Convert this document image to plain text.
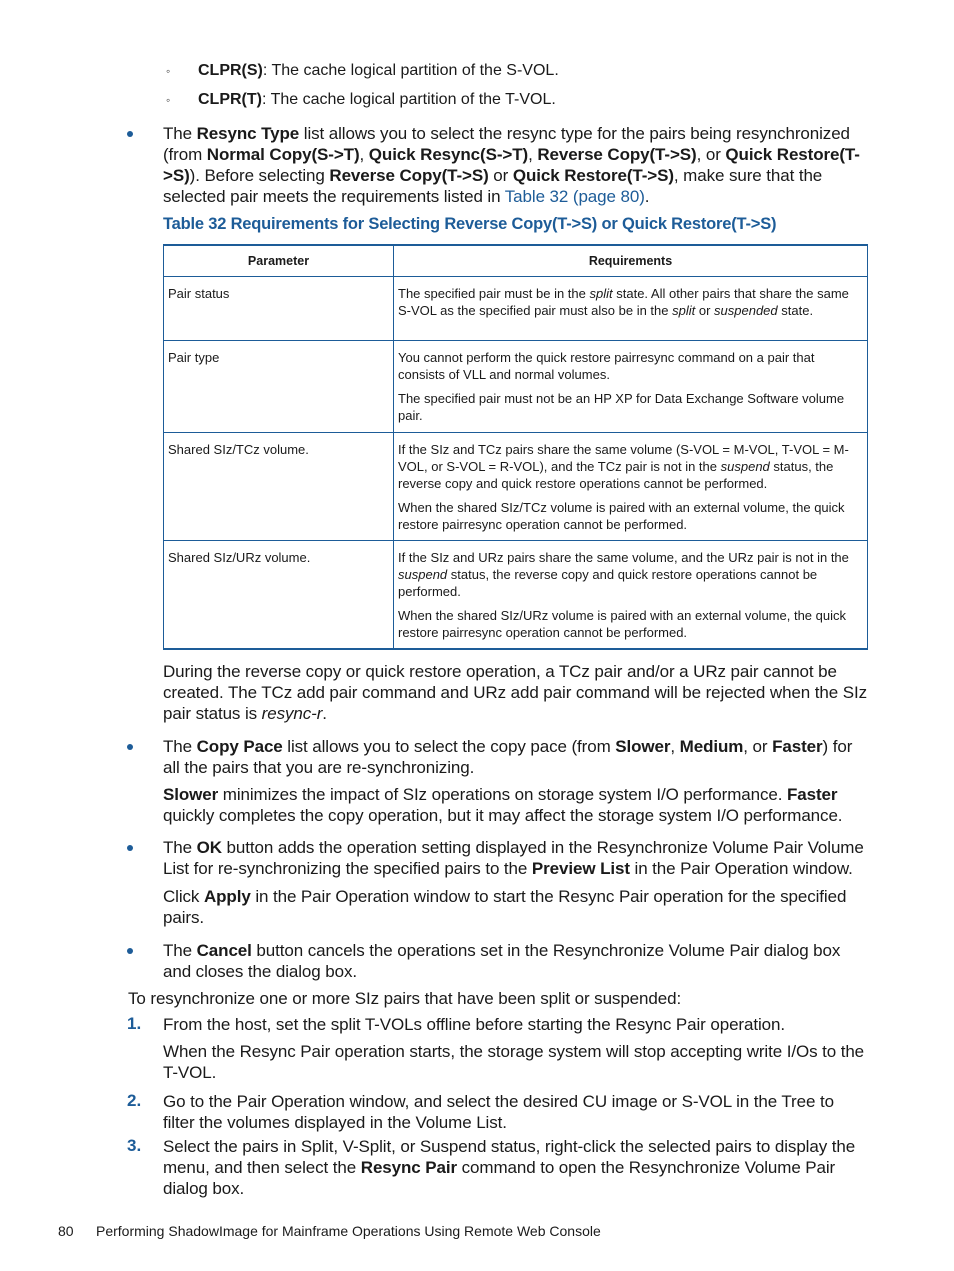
◦ CLPR(S): The cache logical partition of the S-VOL.
◦ CLPR(T): The cache logical partition of the T-VOL.
The Resync Type list allows you to select the resync type for the pairs being resynchronized (from Normal Copy(S->T), Quick Resync(S->T), Reverse Copy(T->S), or Quick Restore(T->S)). Before selecting Reverse Copy(T->S) or Quick Restore(T->S), make sure that the selected pair meets the requirements listed in Table 32 (page 80).
Table 32 Requirements for Selecting Reverse Copy(T->S) or Quick Restore(T->S)
Parameter	Requirements
Pair status	The specified pair must be in the split state. All other pairs that share the same S-VOL as the specified pair must also be in the split or suspended state.

Pair type	You cannot perform the quick restore pairresync command on a pair that consists of VLL and normal volumes.

The specified pair must not be an HP XP for Data Exchange Software volume pair.

Shared SIz/TCz volume.	If the SIz and TCz pairs share the same volume (S-VOL = M-VOL, T-VOL = M-VOL, or S-VOL = R-VOL), and the TCz pair is not in the suspend status, the reverse copy and quick restore operations cannot be performed.

When the shared SIz/TCz volume is paired with an external volume, the quick restore pairresync operation cannot be performed.

Shared SIz/URz volume.	If the SIz and URz pairs share the same volume, and the URz pair is not in the suspend status, the reverse copy and quick restore operations cannot be performed.

When the shared SIz/URz volume is paired with an external volume, the quick restore pairresync operation cannot be performed.

During the reverse copy or quick restore operation, a TCz pair and/or a URz pair cannot be created. The TCz add pair command and URz add pair command will be rejected when the SIz pair status is resync-r.
The Copy Pace list allows you to select the copy pace (from Slower, Medium, or Faster) for all the pairs that you are re-synchronizing.
Slower minimizes the impact of SIz operations on storage system I/O performance. Faster quickly completes the copy operation, but it may affect the storage system I/O performance.
The OK button adds the operation setting displayed in the Resynchronize Volume Pair Volume List for re-synchronizing the specified pairs to the Preview List in the Pair Operation window.
Click Apply in the Pair Operation window to start the Resync Pair operation for the specified pairs.
The Cancel button cancels the operations set in the Resynchronize Volume Pair dialog box and closes the dialog box.
To resynchronize one or more SIz pairs that have been split or suspended:
1. From the host, set the split T-VOLs offline before starting the Resync Pair operation.
When the Resync Pair operation starts, the storage system will stop accepting write I/Os to the T-VOL.
2. Go to the Pair Operation window, and select the desired CU image or S-VOL in the Tree to filter the volumes displayed in the Volume List.
3. Select the pairs in Split, V-Split, or Suspend status, right-click the selected pairs to display the menu, and then select the Resync Pair command to open the Resynchronize Volume Pair dialog box.
80 Performing ShadowImage for Mainframe Operations Using Remote Web Console
